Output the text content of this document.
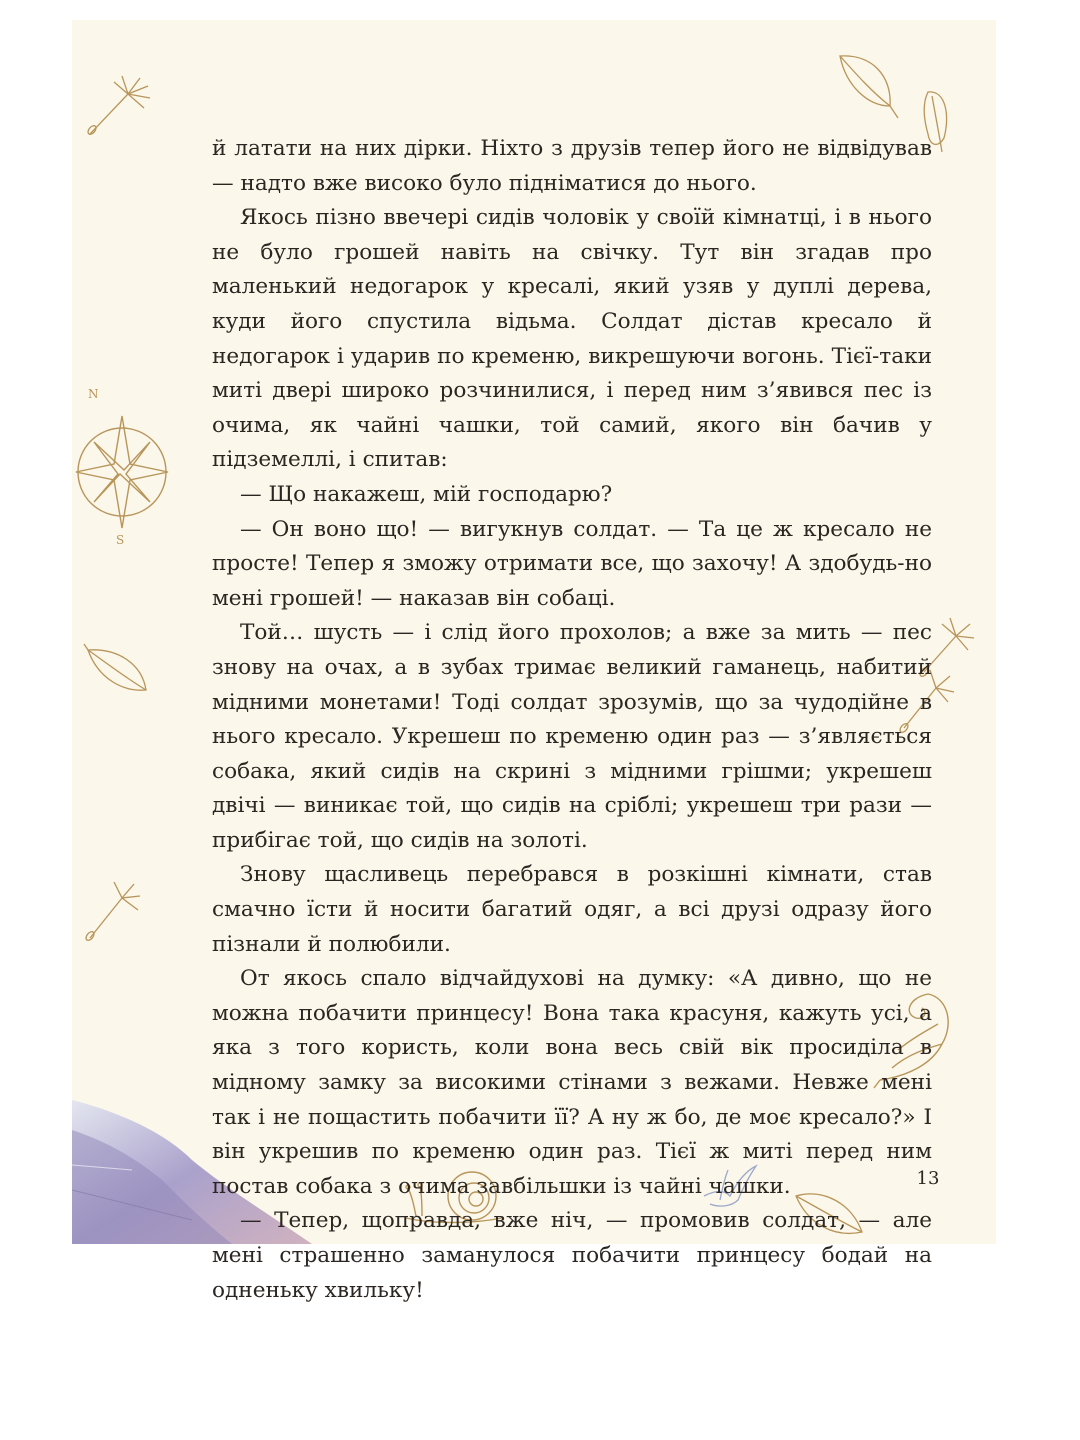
N
S

й латати на них дірки. Ніхто з друзів тепер його не відвідував — надто вже високо було підніматися до нього.

Якось пізно ввечері сидів чоловік у своїй кімнатці, і в нього не було грошей навіть на свічку. Тут він згадав про маленький недогарок у кресалі, який узяв у дуплі дерева, куди його спустила відьма. Солдат дістав кресало й недогарок і ударив по кременю, викрешуючи вогонь. Тієї-таки миті двері широко розчинилися, і перед ним з’явився пес із очима, як чайні чашки, той самий, якого він бачив у підземеллі, і спитав:

— Що накажеш, мій господарю?

— Он воно що! — вигукнув солдат. — Та це ж кресало не просте! Тепер я зможу отримати все, що захочу! А здобудь-но мені грошей! — наказав він собаці.

Той… шусть — і слід його прохолов; а вже за мить — пес знову на очах, а в зубах тримає великий гаманець, набитий мідними монетами! Тоді солдат зрозумів, що за чудодійне в нього кресало. Укрешеш по кременю один раз — з’являється собака, який сидів на скрині з мідними грішми; укрешеш двічі — виникає той, що сидів на сріблі; укрешеш три рази — прибігає той, що сидів на золоті.

Знову щасливець перебрався в розкішні кімнати, став смачно їсти й носити багатий одяг, а всі друзі одразу його пізнали й полюбили.

От якось спало відчайдухові на думку: «А дивно, що не можна побачити принцесу! Вона така красуня, кажуть усі, а яка з того користь, коли вона весь свій вік просиділа в мідному замку за високими стінами з вежами. Невже мені так і не пощастить побачити її? А ну ж бо, де моє кресало?» І він укрешив по кременю один раз. Тієї ж миті перед ним постав собака з очима завбільшки із чайні чашки.

— Тепер, щоправда, вже ніч, — промовив солдат, — але мені страшенно заманулося побачити принцесу бодай на одненьку хвильку!

13
